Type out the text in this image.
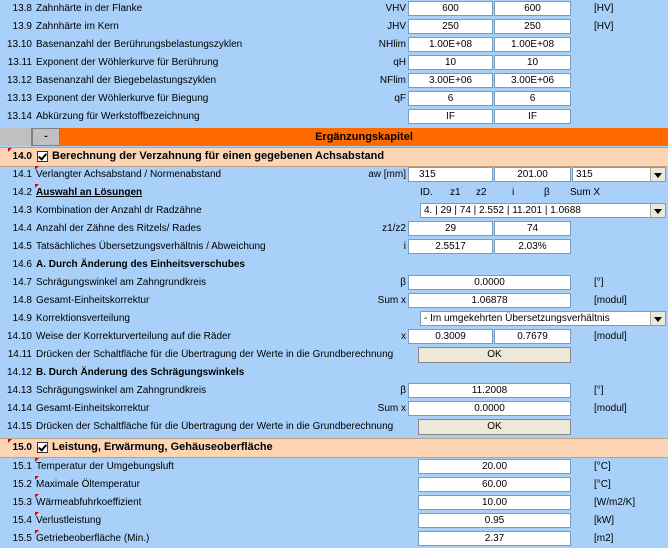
13.8 Zahnhärte in der Flanke	VHV	600	600	[HV]
13.9 Zahnhärte im Kern	JHV	250	250	[HV]
13.10 Basenanzahl der Berührungsbelastungszyklen	NHlim	1.00E+08	1.00E+08
13.11 Exponent der Wöhlerkurve für Berührung	qH	10	10
13.12 Basenanzahl der Biegebelastungszyklen	NFlim	3.00E+06	3.00E+06
13.13 Exponent der Wöhlerkurve für Biegung	qF	6	6
13.14 Abkürzung für Werkstoffbezeichnung	IF	IF
-	Ergänzungskapitel
14.0 Berechnung der Verzahnung für einen gegebenen Achsabstand
14.1 Verlangter Achsabstand / Normenabstand	aw [mm]	315	201.00	315
14.2 Auswahl an Lösungen	ID. z1 z2	i	β Sum X
14.3 Kombination der Anzahl dr Radzähne	4. | 29 | 74 | 2.552 | 11.201 | 1.0688
14.4 Anzahl der Zähne des Ritzels/ Rades	z1/z2	29	74
14.5 Tatsächliches Übersetzungsverhältnis / Abweichung	i	2.5517	2.03%
14.6 A. Durch Änderung des Einheitsverschubes
14.7 Schrägungswinkel am Zahngrundkreis	β	0.0000	[°]
14.8 Gesamt-Einheitskorrektur	Sum x	1.06878	[modul]
14.9 Korrektionsverteilung	- Im umgekehrten Übersetzungsverhältnis
14.10 Weise der Korrekturverteilung auf die Räder	x	0.3009	0.7679	[modul]
14.11 Drücken der Schaltfläche für die Übertragung der Werte in die Grundberechnung	OK
14.12 B. Durch Änderung des Schrägungswinkels
14.13 Schrägungswinkel am Zahngrundkreis	β	11.2008	[°]
14.14 Gesamt-Einheitskorrektur	Sum x	0.0000	[modul]
14.15 Drücken der Schaltfläche für die Übertragung der Werte in die Grundberechnung	OK
15.0 Leistung, Erwärmung, Gehäuseoberfläche
15.1 Temperatur der Umgebungsluft	20.00	[°C]
15.2 Maximale Öltemperatur	60.00	[°C]
15.3 Wärmeabfuhrkoeffizient	10.00	[W/m2/K]
15.4 Verlustleistung	0.95	[kW]
15.5 Getriebeoberfläche (Min.)	2.37	[m2]
